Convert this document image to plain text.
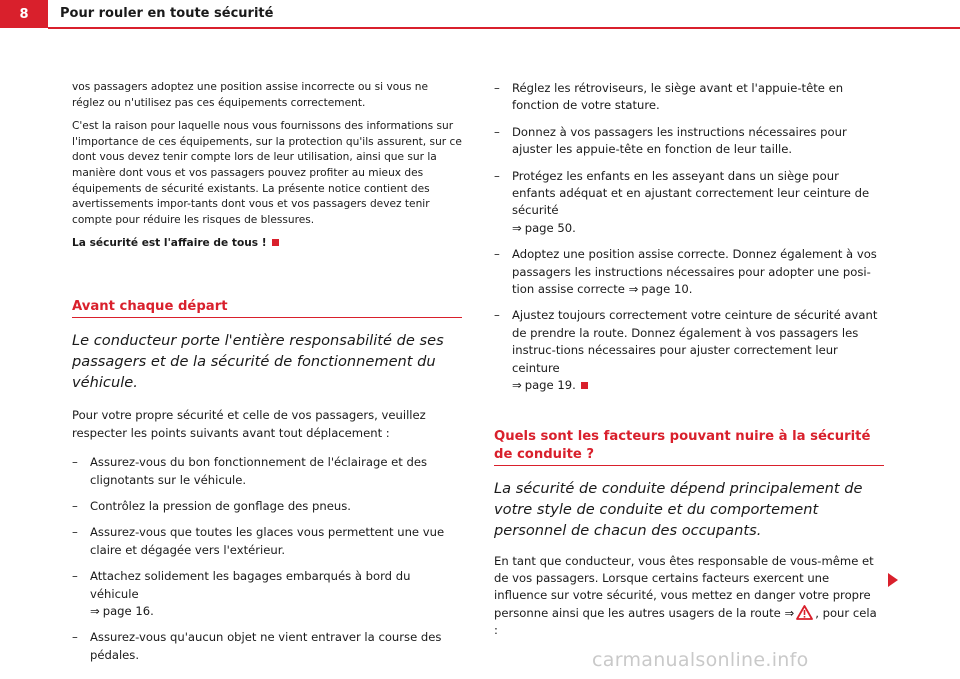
8	Pour rouler en toute sécurité

vos passagers adoptez une position assise incorrecte ou si vous ne réglez ou n'utilisez pas ces équipements correctement.

C'est la raison pour laquelle nous vous fournissons des informations sur l'importance de ces équipements, sur la protection qu'ils assurent, sur ce dont vous devez tenir compte lors de leur utilisation, ainsi que sur la manière dont vous et vos passagers pouvez profiter au mieux des équipements de sécurité existants. La présente notice contient des avertissements impor-tants dont vous et vos passagers devez tenir compte pour réduire les risques de blessures.

La sécurité est l'affaire de tous !

Avant chaque départ

Le conducteur porte l'entière responsabilité de ses passagers et de la sécurité de fonctionnement du véhicule.

Pour votre propre sécurité et celle de vos passagers, veuillez respecter les points suivants avant tout déplacement :

– Assurez-vous du bon fonctionnement de l'éclairage et des clignotants sur le véhicule.
– Contrôlez la pression de gonflage des pneus.
– Assurez-vous que toutes les glaces vous permettent une vue claire et dégagée vers l'extérieur.
– Attachez solidement les bagages embarqués à bord du véhicule
⇒ page 16.
– Assurez-vous qu'aucun objet ne vient entraver la course des pédales.
– Réglez les rétroviseurs, le siège avant et l'appuie-tête en fonction de votre stature.
– Donnez à vos passagers les instructions nécessaires pour ajuster les appuie-tête en fonction de leur taille.
– Protégez les enfants en les asseyant dans un siège pour enfants adéquat et en ajustant correctement leur ceinture de sécurité
⇒ page 50.
– Adoptez une position assise correcte. Donnez également à vos passagers les instructions nécessaires pour adopter une posi-tion assise correcte ⇒ page 10.
– Ajustez toujours correctement votre ceinture de sécurité avant de prendre la route. Donnez également à vos passagers les instruc-tions nécessaires pour ajuster correctement leur ceinture
⇒ page 19.
Quels sont les facteurs pouvant nuire à la sécurité de conduite ?

La sécurité de conduite dépend principalement de votre style de conduite et du comportement personnel de chacun des occupants.

En tant que conducteur, vous êtes responsable de vous-même et de vos passagers. Lorsque certains facteurs exercent une influence sur votre sécurité, vous mettez en danger votre propre personne ainsi que les autres usagers de la route ⇒ , pour cela :

carmanualsonline.info
